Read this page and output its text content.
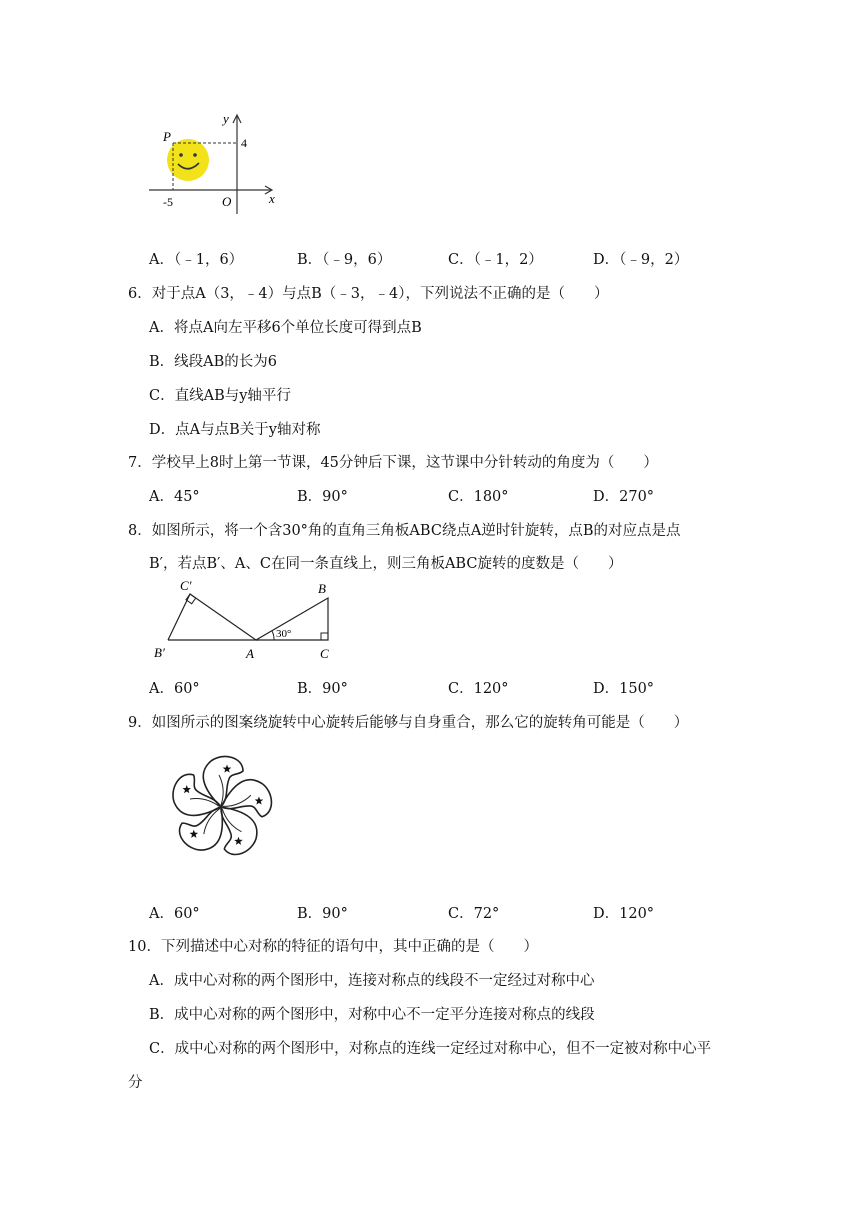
P
y
4
-5	O	x
A．（﹣1，6）	B．（﹣9，6）	C．（﹣1，2）	D．（﹣9，2）
6．对于点A（3，﹣4）与点B（﹣3，﹣4），下列说法不正确的是（　　）
A．将点A向左平移6个单位长度可得到点B
B．线段AB的长为6
C．直线AB与y轴平行
D．点A与点B关于y轴对称
7．学校早上8时上第一节课，45分钟后下课，这节课中分针转动的角度为（　　）
A．45°	B．90°	C．180°	D．270°
8．如图所示，将一个含30°角的直角三角板ABC绕点A逆时针旋转，点B的对应点是点
B′，若点B′、A、C在同一条直线上，则三角板ABC旋转的度数是（　　）
C′
B′	A
B
C
30°
A．60°	B．90°	C．120°	D．150°
9．如图所示的图案绕旋转中心旋转后能够与自身重合，那么它的旋转角可能是（　　）
A．60°	B．90°	C．72°	D．120°
10．下列描述中心对称的特征的语句中，其中正确的是（　　）
A．成中心对称的两个图形中，连接对称点的线段不一定经过对称中心
B．成中心对称的两个图形中，对称中心不一定平分连接对称点的线段
C．成中心对称的两个图形中，对称点的连线一定经过对称中心，但不一定被对称中心平
分
